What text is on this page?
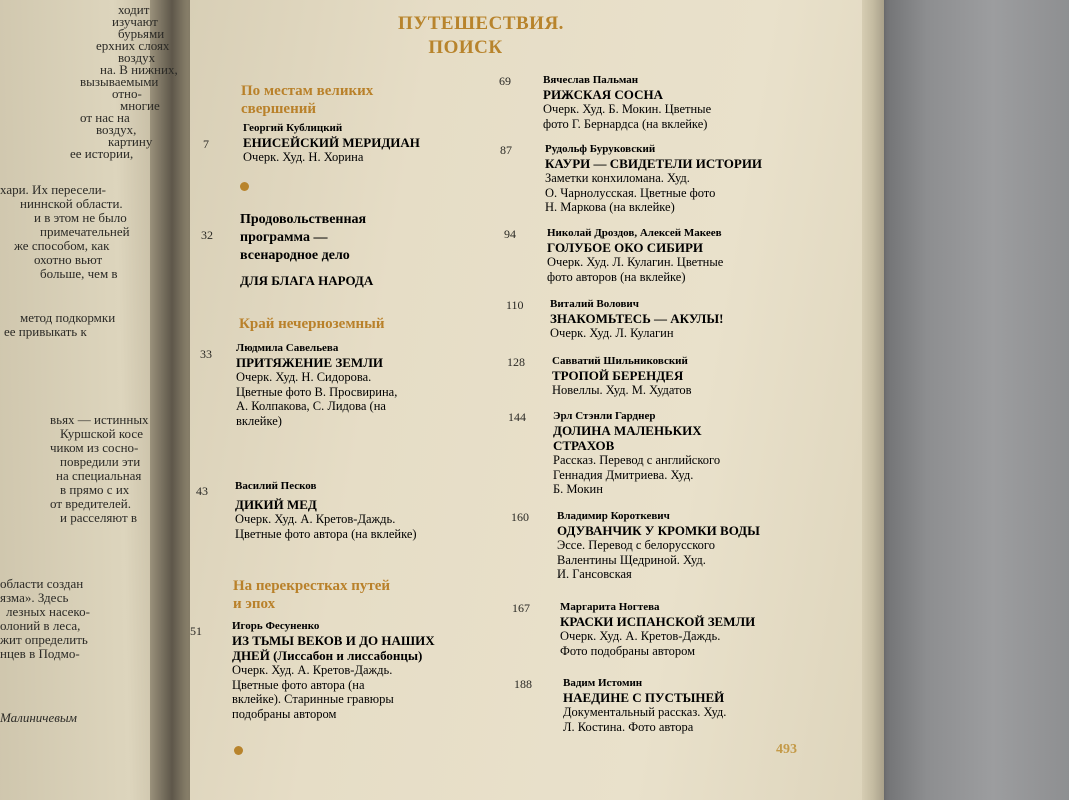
ходит
изучают
бурьями
ерхних слоях
воздух
на. В нижних,
вызываемыми
отно-
многие
от нас на
воздух,
картину
ее истории,
хари. Их пересели-
ниннской области.
и в этом не было
примечательней
же способом, как
охотно вьют
больше, чем в
метод подкормки
ее привыкать к
вьях — истинных
Куршской косе
чиком из сосно-
повредили эти
на специальная
в прямо с их
от вредителей.
и расселяют в
области создан
язма». Здесь
лезных насеко-
олоний в леса,
жит определить
нцев в Подмо-
Малиничевым
ПУТЕШЕСТВИЯ.
ПОИСК
По местам великих
свершений
Край нечерноземный
На перекрестках путей
и эпох
7
Георгий Кублицкий
ЕНИСЕЙСКИЙ МЕРИДИАН
Очерк. Худ. Н. Хорина
32
Продовольственная
программа —
всенародное дело
ДЛЯ БЛАГА НАРОДА
33 Людмила Савельева
ПРИТЯЖЕНИЕ ЗЕМЛИ
Очерк. Худ. Н. Сидорова.
Цветные фото В. Просвирина,
А. Колпакова, С. Лидова (на
вклейке)
43 Василий Песков
ДИКИЙ МЕД
Очерк. Худ. А. Кретов-Даждь.
Цветные фото автора (на вклейке)
51	Игорь Фесуненко
ИЗ ТЬМЫ ВЕКОВ И ДО НАШИХ
ДНЕЙ (Лиссабон и лиссабонцы)
Очерк. Худ. А. Кретов-Даждь.
Цветные фото автора (на
вклейке). Старинные гравюры
подобраны автором
69	Вячеслав Пальман
РИЖСКАЯ СОСНА
Очерк. Худ. Б. Мокин. Цветные
фото Г. Бернардса (на вклейке)
87	Рудольф Буруковский
КАУРИ — СВИДЕТЕЛИ ИСТОРИИ
Заметки конхиломана. Худ.
О. Чарнолусская. Цветные фото
Н. Маркова (на вклейке)
94	Николай Дроздов, Алексей Макеев
ГОЛУБОЕ ОКО СИБИРИ
Очерк. Худ. Л. Кулагин. Цветные
фото авторов (на вклейке)
110 Виталий Волович
ЗНАКОМЬТЕСЬ — АКУЛЫ!
Очерк. Худ. Л. Кулагин
128 Савватий Шильниковский
ТРОПОЙ БЕРЕНДЕЯ
Новеллы. Худ. М. Худатов
144 Эрл Стэнли Гарднер
ДОЛИНА МАЛЕНЬКИХ
СТРАХОВ
Рассказ. Перевод с английского
Геннадия Дмитриева. Худ.
Б. Мокин
160	Владимир Короткевич
ОДУВАНЧИК У КРОМКИ ВОДЫ
Эссе. Перевод с белорусского
Валентины Щедриной. Худ.
И. Гансовская
167	Маргарита Ногтева
КРАСКИ ИСПАНСКОЙ ЗЕМЛИ
Очерк. Худ. А. Кретов-Даждь.
Фото подобраны автором
188	Вадим Истомин
НАЕДИНЕ С ПУСТЫНЕЙ
Документальный рассказ. Худ.
Л. Костина. Фото автора
493
